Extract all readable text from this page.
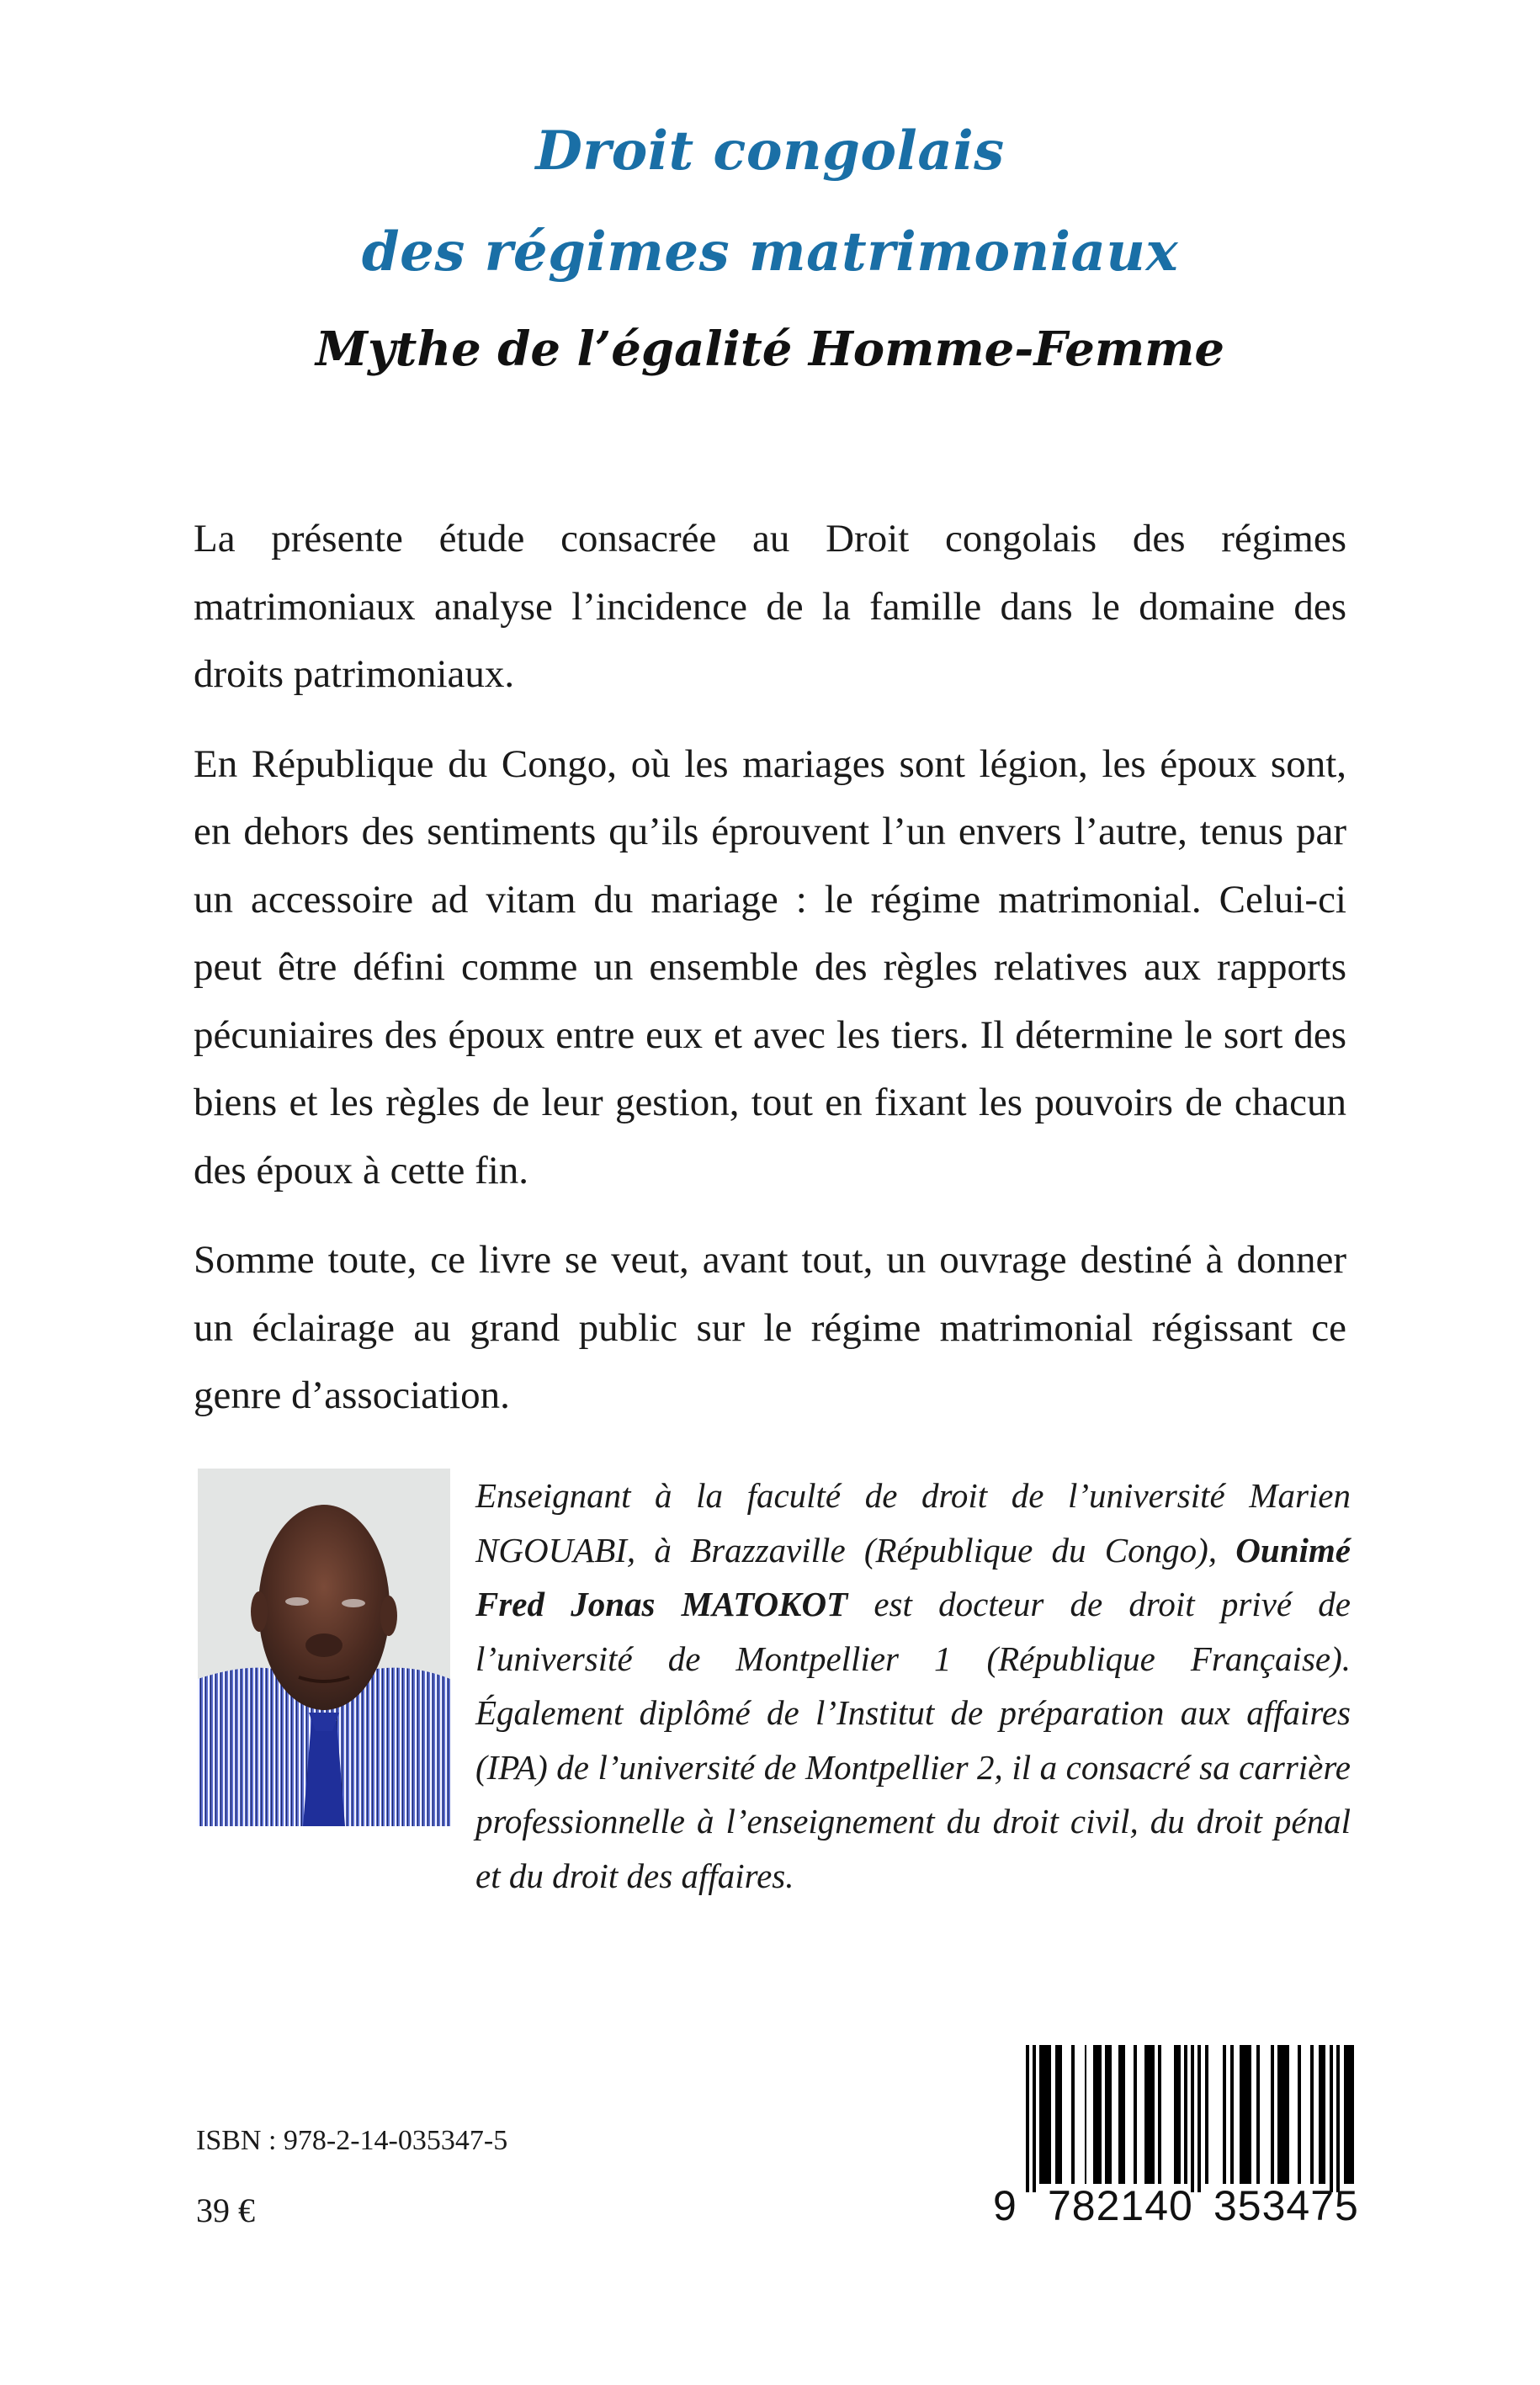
Droit congolais
des régimes matrimoniaux
Mythe de l’égalité Homme-Femme

La présente étude consacrée au Droit congolais des régimes matrimoniaux analyse l’incidence de la famille dans le domaine des droits patrimoniaux.

En République du Congo, où les mariages sont légion, les époux sont, en dehors des sentiments qu’ils éprouvent l’un envers l’autre, tenus par un accessoire ad vitam du mariage : le régime matrimonial. Celui-ci peut être défini comme un ensemble des règles relatives aux rapports pécuniaires des époux entre eux et avec les tiers. Il détermine le sort des biens et les règles de leur gestion, tout en fixant les pouvoirs de chacun des époux à cette fin.

Somme toute, ce livre se veut, avant tout, un ouvrage destiné à donner un éclairage au grand public sur le régime matrimonial régissant ce genre d’association.

Enseignant à la faculté de droit de l’université Marien NGOUABI, à Brazzaville (République du Congo), Ounimé Fred Jonas MATOKOT est docteur de droit privé de l’université de Montpellier 1 (République Française). Également diplômé de l’Institut de préparation aux affaires (IPA) de l’université de Montpellier 2, il a consacré sa carrière professionnelle à l’enseignement du droit civil, du droit pénal et du droit des affaires.

ISBN : 978-2-14-035347-5
39 €	9 782140 353475
